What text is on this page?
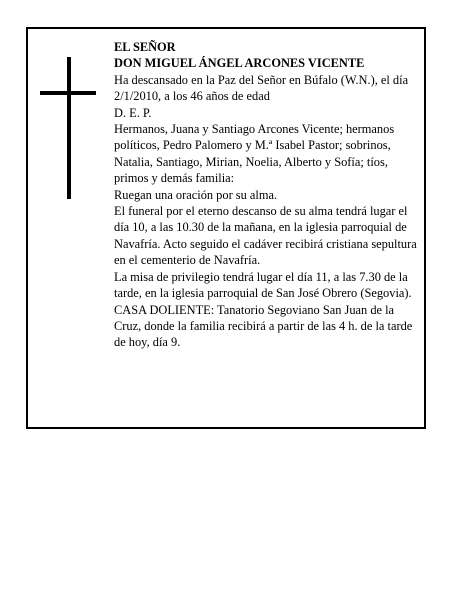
EL SEÑOR

DON MIGUEL ÁNGEL ARCONES VICENTE

Ha descansado en la Paz del Señor en Búfalo (W.N.), el día 2/1/2010, a los 46 años de edad

D. E. P.

Hermanos, Juana y Santiago Arcones Vicente; hermanos políticos, Pedro Palomero y M.ª Isabel Pastor; sobrinos, Natalia, Santiago, Mirian, Noelia, Alberto y Sofía; tíos, primos y demás familia:

Ruegan una oración por su alma.

El funeral por el eterno descanso de su alma tendrá lugar el día 10, a las 10.30 de la mañana, en la iglesia parroquial de Navafría. Acto seguido el cadáver recibirá cristiana sepultura en el cementerio de Navafría.

La misa de privilegio tendrá lugar el día 11, a las 7.30 de la tarde, en la iglesia parroquial de San José Obrero (Segovia).

CASA DOLIENTE: Tanatorio Segoviano San Juan de la Cruz, donde la familia recibirá a partir de las 4 h. de la tarde de hoy, día 9.
